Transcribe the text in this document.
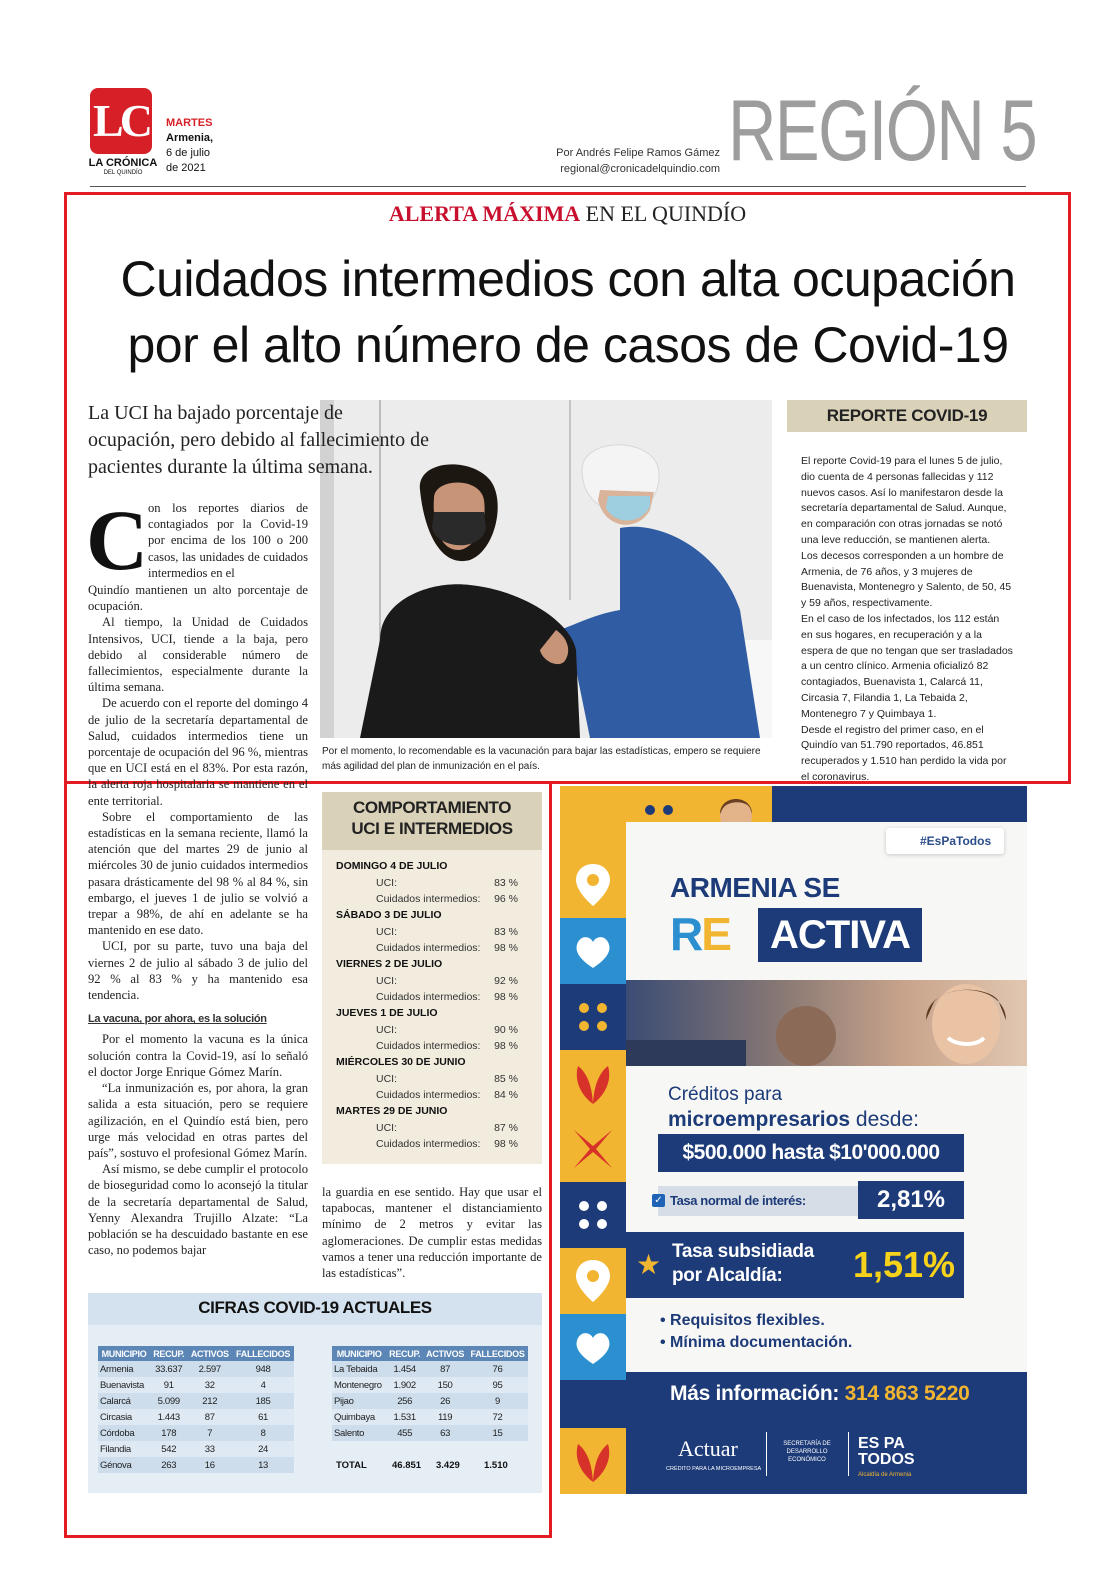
LC
LA CRÓNICA
DEL QUINDÍO
MARTES
Armenia,
6 de julio
de 2021
Por Andrés Felipe Ramos Gámez
regional@cronicadelquindio.com REGIÓN 5
ALERTA MÁXIMA EN EL QUINDÍO
Cuidados intermedios con alta ocupación
por el alto número de casos de Covid-19
Por el momento, lo recomendable es la vacunación para bajar las estadísticas, empero se requiere más agilidad del plan de inmunización en el país.
La UCI ha bajado porcentaje de ocupación, pero debido al fallecimiento de pacientes durante la última semana.
C on los reportes diarios de contagiados por la Covid-19 por encima de los 100 o 200 casos, las unidades de cuidados intermedios en el
Quindío mantienen un alto porcentaje de ocupación.

Al tiempo, la Unidad de Cuidados Intensivos, UCI, tiende a la baja, pero debido al considerable número de fallecimientos, especialmente durante la última semana.

De acuerdo con el reporte del domingo 4 de julio de la secretaría departamental de Salud, cuidados intermedios tiene un porcentaje de ocupación del 96 %, mientras que en UCI está en el 83%. Por esta razón, la alerta roja hospitalaria se mantiene en el ente territorial.

Sobre el comportamiento de las estadísticas en la semana reciente, llamó la atención que del martes 29 de junio al miércoles 30 de junio cuidados intermedios pasara drásticamente del 98 % al 84 %, sin embargo, el jueves 1 de julio se volvió a trepar a 98%, de ahí en adelante se ha mantenido en ese dato.

UCI, por su parte, tuvo una baja del viernes 2 de julio al sábado 3 de julio del 92 % al 83 % y ha mantenido esa tendencia.

La vacuna, por ahora, es la solución

Por el momento la vacuna es la única solución contra la Covid-19, así lo señaló el doctor Jorge Enrique Gómez Marín.

“La inmunización es, por ahora, la gran salida a esta situación, pero se requiere agilización, en el Quindío está bien, pero urge más velocidad en otras partes del país”, sostuvo el profesional Gómez Marín.

Así mismo, se debe cumplir el protocolo de bioseguridad como lo aconsejó la titular de la secretaría departamental de Salud, Yenny Alexandra Trujillo Alzate: “La población se ha descuidado bastante en ese caso, no podemos bajar

la guardia en ese sentido. Hay que usar el tapabocas, mantener el distanciamiento mínimo de 2 metros y evitar las aglomeraciones. De cumplir estas medidas vamos a tener una reducción importante de las estadísticas”.
REPORTE COVID-19

El reporte Covid-19 para el lunes 5 de julio, dio cuenta de 4 personas fallecidas y 112 nuevos casos. Así lo manifestaron desde la secretaría departamental de Salud. Aunque, en comparación con otras jornadas se notó una leve reducción, se mantienen alerta.

Los decesos corresponden a un hombre de Armenia, de 76 años, y 3 mujeres de Buenavista, Montenegro y Salento, de 50, 45 y 59 años, respectivamente.

En el caso de los infectados, los 112 están en sus hogares, en recuperación y a la espera de que no tengan que ser trasladados a un centro clínico. Armenia oficializó 82 contagiados, Buenavista 1, Calarcá 11, Circasia 7, Filandia 1, La Tebaida 2, Montenegro 7 y Quimbaya 1.

Desde el registro del primer caso, en el Quindío van 51.790 reportados, 46.851 recuperados y 1.510 han perdido la vida por el coronavirus.

COMPORTAMIENTO
UCI E INTERMEDIOS
DOMINGO 4 DE JULIO
UCI:	83 %
Cuidados intermedios: 96 %
SÁBADO 3 DE JULIO
UCI:	83 %
Cuidados intermedios: 98 %
VIERNES 2 DE JULIO
UCI:	92 %
Cuidados intermedios: 98 %
JUEVES 1 DE JULIO
UCI:	90 %
Cuidados intermedios: 98 %
MIÉRCOLES 30 DE JUNIO
UCI:	85 %
Cuidados intermedios: 84 %
MARTES 29 DE JUNIO
UCI:	87 %
Cuidados intermedios: 98 %
CIFRAS COVID-19 ACTUALES
MUNICIPIO	RECUP.	ACTIVOS	FALLECIDOS
Armenia	33.637	2.597	948
Buenavista	91	32	4
Calarcá	5.099	212	185
Circasia	1.443	87	61
Córdoba	178	7	8
Filandia	542	33	24
Génova	263	16	13
MUNICIPIO	RECUP.	ACTIVOS	FALLECIDOS
La Tebaida	1.454	87	76
Montenegro	1.902	150	95
Pijao	256	26	9
Quimbaya	1.531	119	72
Salento	455	63	15
TOTAL	46.851 3.429	1.510
#EsPaTodos
ARMENIA SE
RE	ACTIVA
Créditos para
microempresarios desde:
$500.000 hasta $10'000.000
✓ Tasa normal de interés:	2,81%
★ Tasa subsidiada
por Alcaldía:	1,51%
• Requisitos flexibles.
• Mínima documentación.
Más información: 314 863 5220
Actuar
CRÉDITO PARA LA MICROEMPRESA
SECRETARÍA DE DESARROLLO ECONÓMICO
ES PA TODOS
Alcaldía de Armenia
